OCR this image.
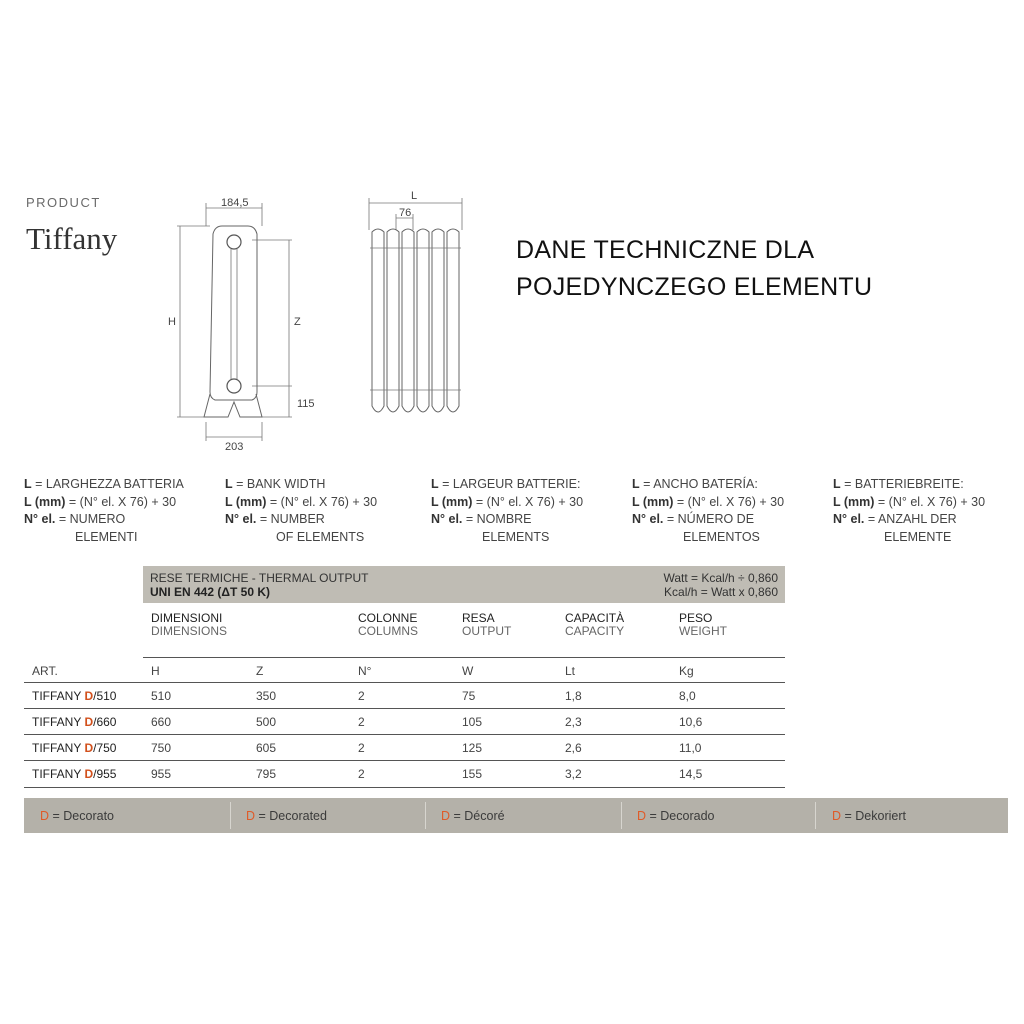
PRODUCT
Tiffany
184,5
H	Z
115
203
L
76
DANE TECHNICZNE DLA
POJEDYNCZEGO ELEMENTU
L = LARGHEZZA BATTERIA
L (mm) = (N° el. X 76) + 30
N° el. = NUMERO
ELEMENTI
L = BANK WIDTH
L (mm) = (N° el. X 76) + 30
N° el. = NUMBER
OF ELEMENTS
L = LARGEUR BATTERIE:
L (mm) = (N° el. X 76) + 30
N° el. = NOMBRE
ELEMENTS
L = ANCHO BATERÍA:
L (mm) = (N° el. X 76) + 30
N° el. = NÚMERO DE
ELEMENTOS
L = BATTERIEBREITE:
L (mm) = (N° el. X 76) + 30
N° el. = ANZAHL DER
ELEMENTE
RESE TERMICHE - THERMAL OUTPUT
UNI EN 442 (ΔT 50 K)
Watt = Kcal/h ÷ 0,860
Kcal/h = Watt x 0,860
DIMENSIONI
DIMENSIONS
COLONNE
COLUMNS
RESA
OUTPUT
CAPACITÀ
CAPACITY
PESO
WEIGHT
ART.	H	Z	N°	W	Lt	Kg
TIFFANY D/510	510	350	2	75	1,8	8,0
TIFFANY D/660	660	500	2	105	2,3	10,6
TIFFANY D/750	750	605	2	125	2,6	11,0
TIFFANY D/955	955	795	2	155	3,2	14,5
D = Decorato	D = Decorated	D = Décoré	D = Decorado	D = Dekoriert
